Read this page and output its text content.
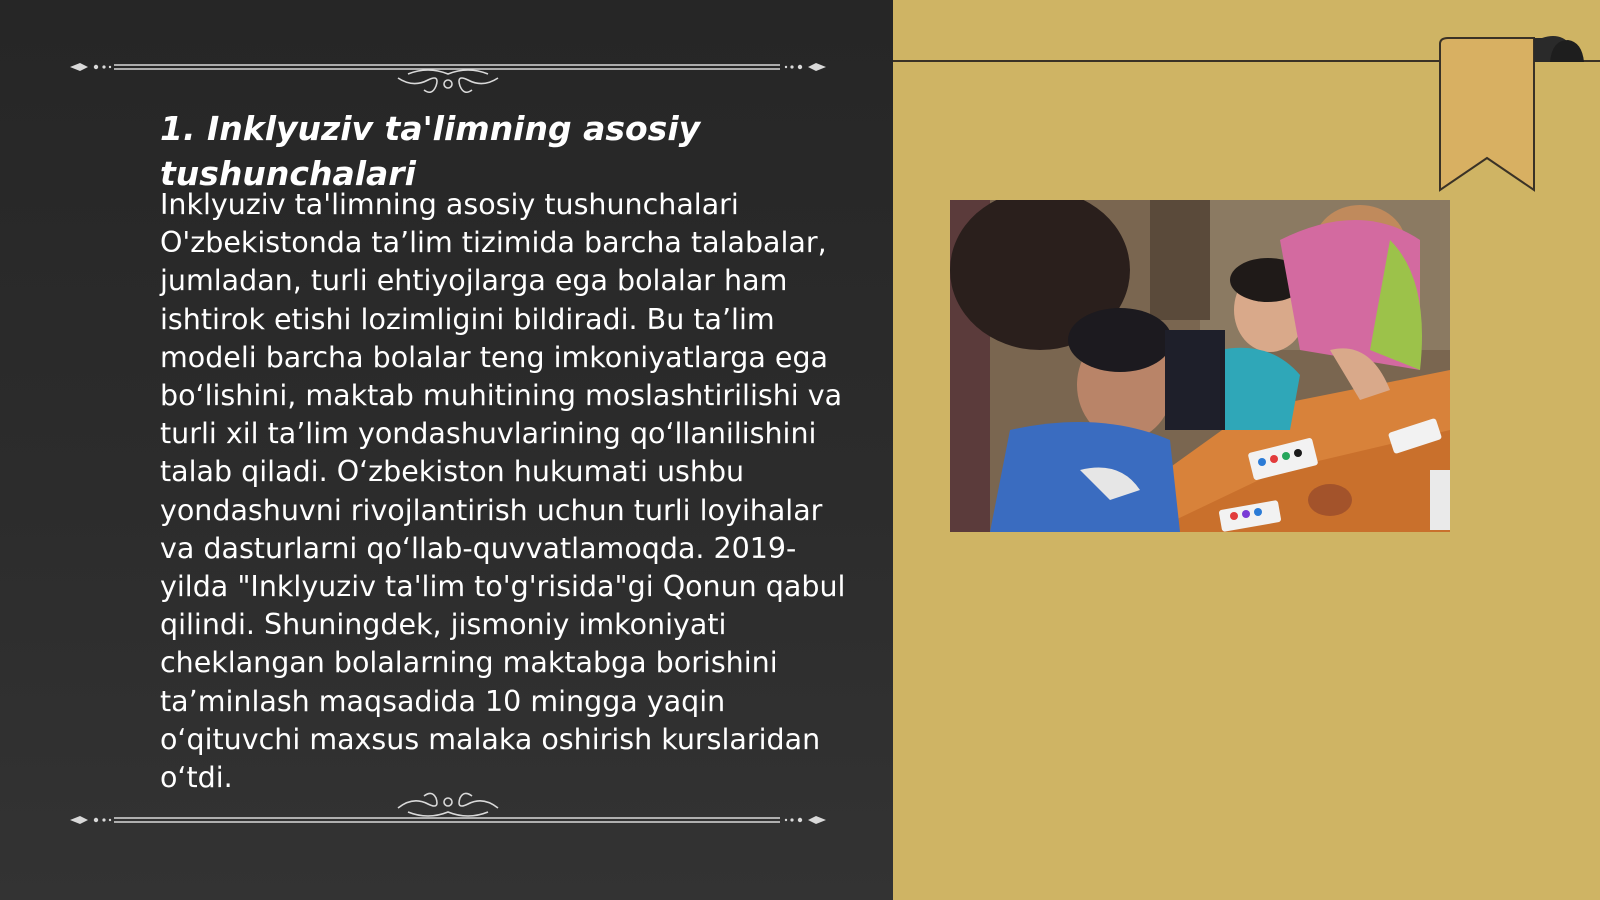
1. Inklyuziv ta'limning asosiy tushunchalari

Inklyuziv ta'limning asosiy tushunchalari O'zbekistonda ta’lim tizimida barcha talabalar, jumladan, turli ehtiyojlarga ega bolalar ham ishtirok etishi lozimligini bildiradi. Bu ta’lim modeli barcha bolalar teng imkoniyatlarga ega boʻlishini, maktab muhitining moslashtirilishi va turli xil ta’lim yondashuvlarining qoʻllanilishini talab qiladi. Oʻzbekiston hukumati ushbu yondashuvni rivojlantirish uchun turli loyihalar va dasturlarni qoʻllab-quvvatlamoqda. 2019-yilda "Inklyuziv ta'lim to'g'risida"gi Qonun qabul qilindi. Shuningdek, jismoniy imkoniyati cheklangan bolalarning maktabga borishini taʼminlash maqsadida 10 mingga yaqin oʻqituvchi maxsus malaka oshirish kurslaridan oʻtdi.
